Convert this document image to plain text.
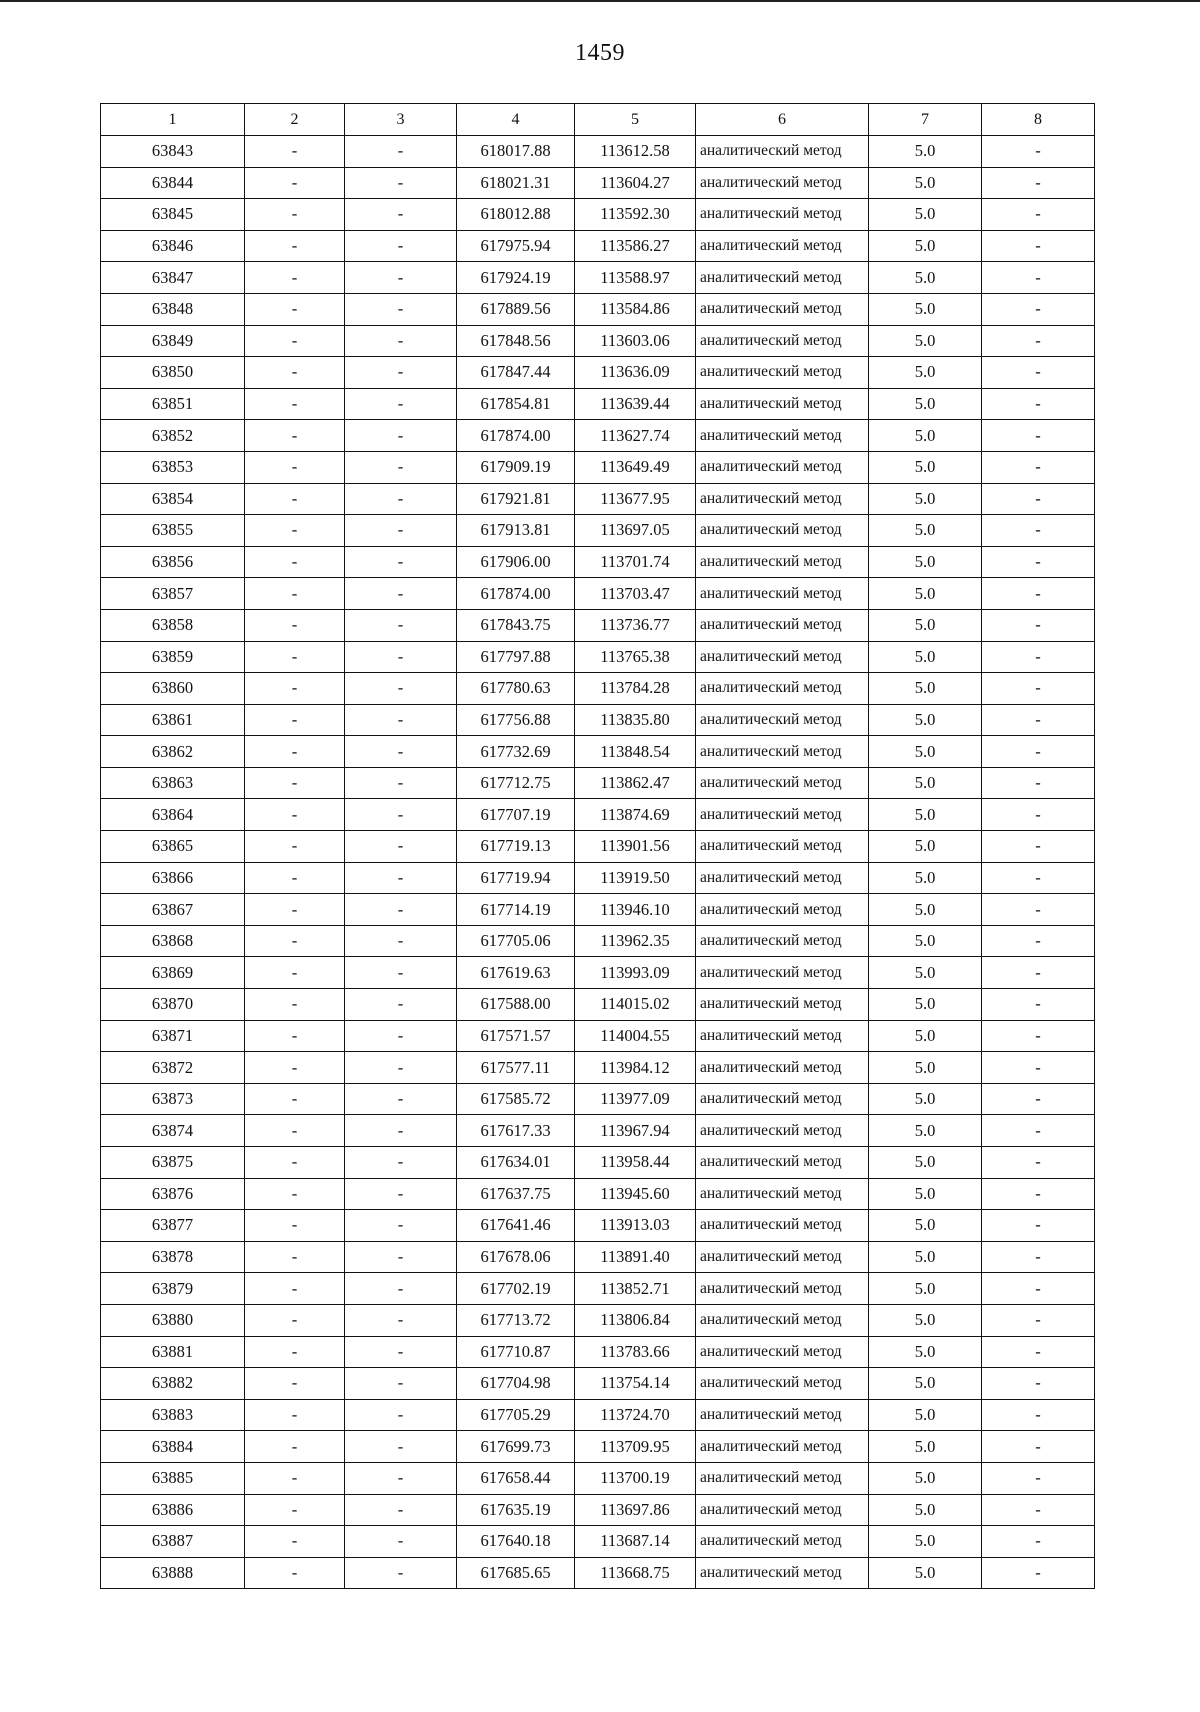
1459
1	2	3	4	5	6	7	8
63843	-	-	618017.88	113612.58	аналитический метод	5.0	-
63844	-	-	618021.31	113604.27	аналитический метод	5.0	-
63845	-	-	618012.88	113592.30	аналитический метод	5.0	-
63846	-	-	617975.94	113586.27	аналитический метод	5.0	-
63847	-	-	617924.19	113588.97	аналитический метод	5.0	-
63848	-	-	617889.56	113584.86	аналитический метод	5.0	-
63849	-	-	617848.56	113603.06	аналитический метод	5.0	-
63850	-	-	617847.44	113636.09	аналитический метод	5.0	-
63851	-	-	617854.81	113639.44	аналитический метод	5.0	-
63852	-	-	617874.00	113627.74	аналитический метод	5.0	-
63853	-	-	617909.19	113649.49	аналитический метод	5.0	-
63854	-	-	617921.81	113677.95	аналитический метод	5.0	-
63855	-	-	617913.81	113697.05	аналитический метод	5.0	-
63856	-	-	617906.00	113701.74	аналитический метод	5.0	-
63857	-	-	617874.00	113703.47	аналитический метод	5.0	-
63858	-	-	617843.75	113736.77	аналитический метод	5.0	-
63859	-	-	617797.88	113765.38	аналитический метод	5.0	-
63860	-	-	617780.63	113784.28	аналитический метод	5.0	-
63861	-	-	617756.88	113835.80	аналитический метод	5.0	-
63862	-	-	617732.69	113848.54	аналитический метод	5.0	-
63863	-	-	617712.75	113862.47	аналитический метод	5.0	-
63864	-	-	617707.19	113874.69	аналитический метод	5.0	-
63865	-	-	617719.13	113901.56	аналитический метод	5.0	-
63866	-	-	617719.94	113919.50	аналитический метод	5.0	-
63867	-	-	617714.19	113946.10	аналитический метод	5.0	-
63868	-	-	617705.06	113962.35	аналитический метод	5.0	-
63869	-	-	617619.63	113993.09	аналитический метод	5.0	-
63870	-	-	617588.00	114015.02	аналитический метод	5.0	-
63871	-	-	617571.57	114004.55	аналитический метод	5.0	-
63872	-	-	617577.11	113984.12	аналитический метод	5.0	-
63873	-	-	617585.72	113977.09	аналитический метод	5.0	-
63874	-	-	617617.33	113967.94	аналитический метод	5.0	-
63875	-	-	617634.01	113958.44	аналитический метод	5.0	-
63876	-	-	617637.75	113945.60	аналитический метод	5.0	-
63877	-	-	617641.46	113913.03	аналитический метод	5.0	-
63878	-	-	617678.06	113891.40	аналитический метод	5.0	-
63879	-	-	617702.19	113852.71	аналитический метод	5.0	-
63880	-	-	617713.72	113806.84	аналитический метод	5.0	-
63881	-	-	617710.87	113783.66	аналитический метод	5.0	-
63882	-	-	617704.98	113754.14	аналитический метод	5.0	-
63883	-	-	617705.29	113724.70	аналитический метод	5.0	-
63884	-	-	617699.73	113709.95	аналитический метод	5.0	-
63885	-	-	617658.44	113700.19	аналитический метод	5.0	-
63886	-	-	617635.19	113697.86	аналитический метод	5.0	-
63887	-	-	617640.18	113687.14	аналитический метод	5.0	-
63888	-	-	617685.65	113668.75	аналитический метод	5.0	-
